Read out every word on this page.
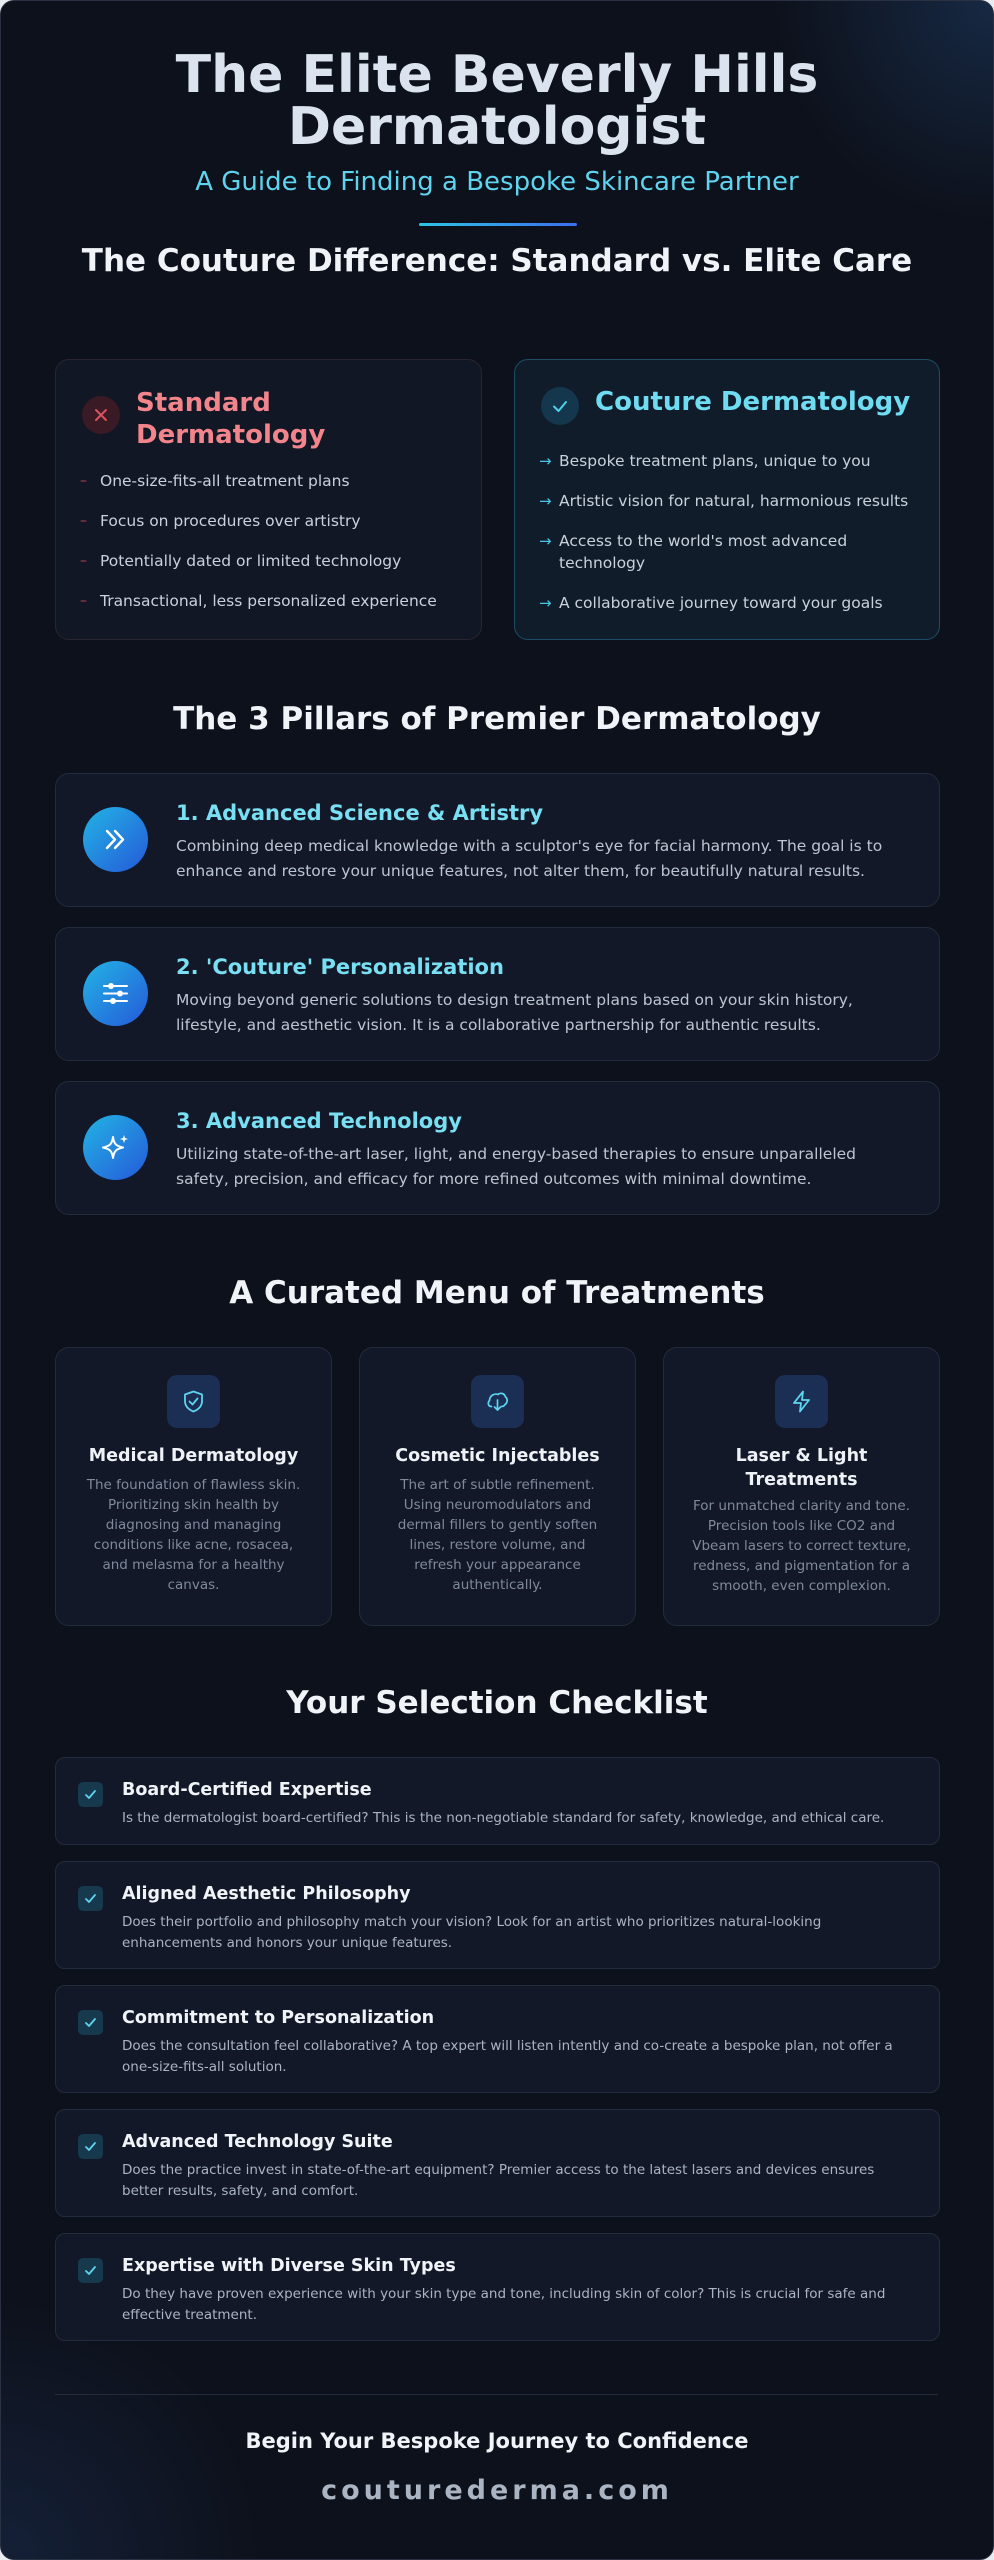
The Elite Beverly Hills
Dermatologist
A Guide to Finding a Bespoke Skincare Partner
The Couture Difference: Standard vs. Elite Care
Standard
Dermatology
– One-size-fits-all treatment plans
– Focus on procedures over artistry
– Potentially dated or limited technology
– Transactional, less personalized experience
Couture Dermatology
→ Bespoke treatment plans, unique to you
→ Artistic vision for natural, harmonious results
→ Access to the world's most advanced technology
→ A collaborative journey toward your goals
The 3 Pillars of Premier Dermatology
1. Advanced Science & Artistry
Combining deep medical knowledge with a sculptor's eye for facial harmony. The goal is to enhance and restore your unique features, not alter them, for beautifully natural results.
2. 'Couture' Personalization
Moving beyond generic solutions to design treatment plans based on your skin history, lifestyle, and aesthetic vision. It is a collaborative partnership for authentic results.
3. Advanced Technology
Utilizing state-of-the-art laser, light, and energy-based therapies to ensure unparalleled safety, precision, and efficacy for more refined outcomes with minimal downtime.
A Curated Menu of Treatments
Medical Dermatology
The foundation of flawless skin. Prioritizing skin health by diagnosing and managing conditions like acne, rosacea, and melasma for a healthy canvas.
Cosmetic Injectables
The art of subtle refinement. Using neuromodulators and dermal fillers to gently soften lines, restore volume, and refresh your appearance authentically.
Laser & Light
Treatments
For unmatched clarity and tone. Precision tools like CO2 and Vbeam lasers to correct texture, redness, and pigmentation for a smooth, even complexion.
Your Selection Checklist
Board-Certified Expertise
Is the dermatologist board-certified? This is the non-negotiable standard for safety, knowledge, and ethical care.
Aligned Aesthetic Philosophy
Does their portfolio and philosophy match your vision? Look for an artist who prioritizes natural-looking enhancements and honors your unique features.
Commitment to Personalization
Does the consultation feel collaborative? A top expert will listen intently and co-create a bespoke plan, not offer a one-size-fits-all solution.
Advanced Technology Suite
Does the practice invest in state-of-the-art equipment? Premier access to the latest lasers and devices ensures better results, safety, and comfort.
Expertise with Diverse Skin Types
Do they have proven experience with your skin type and tone, including skin of color? This is crucial for safe and effective treatment.
Begin Your Bespoke Journey to Confidence
couturederma.com
